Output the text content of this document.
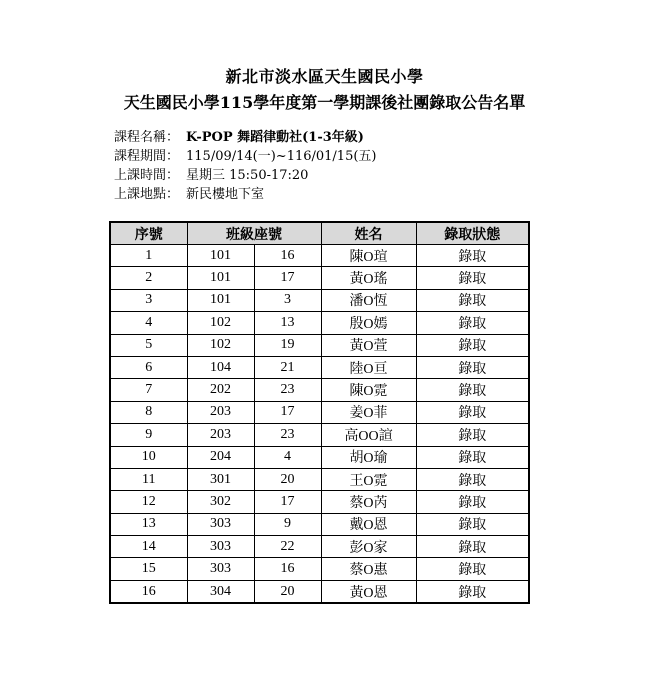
新北市淡水區天生國民小學
天生國民小學115學年度第一學期課後社團錄取公告名單
課程名稱： K-POP 舞蹈律動社(1-3年級)
課程期間： 115/09/14(一)~116/01/15(五)
上課時間： 星期三 15:50-17:20
上課地點： 新民樓地下室
序號	班級座號		姓名	錄取狀態
1	101	16	陳O瑄	錄取
2	101	17	黃O瑤	錄取
3	101	3	潘O恆	錄取
4	102	13	殷O嫣	錄取
5	102	19	黃O萱	錄取
6	104	21	陸O亘	錄取
7	202	23	陳O霓	錄取
8	203	17	姜O菲	錄取
9	203	23	高OO諠	錄取
10	204	4	胡O瑜	錄取
11	301	20	王O霓	錄取
12	302	17	蔡O芮	錄取
13	303	9	戴O恩	錄取
14	303	22	彭O家	錄取
15	303	16	蔡O惠	錄取
16	304	20	黃O恩	錄取
